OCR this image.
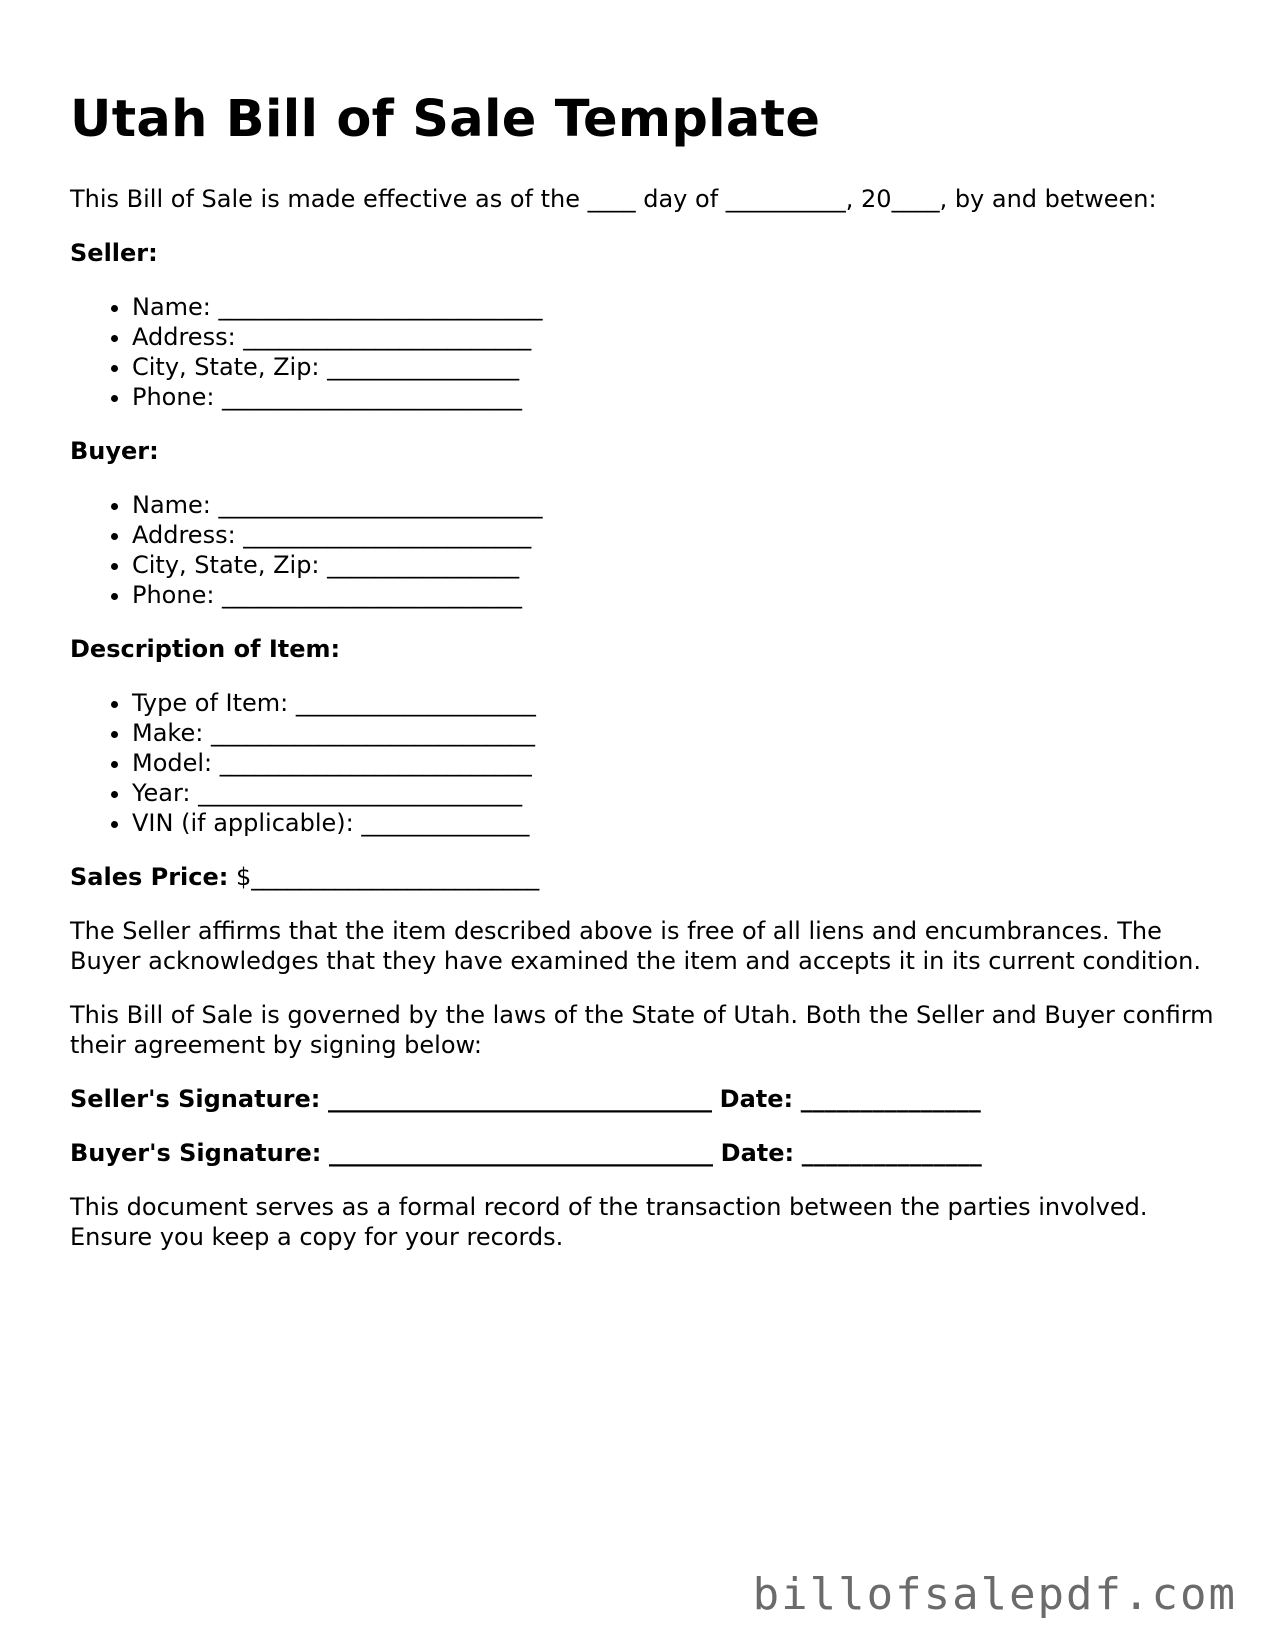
Utah Bill of Sale Template

This Bill of Sale is made effective as of the ____ day of __________, 20____, by and between:

Seller:
• Name: ___________________________
• Address: ________________________
• City, State, Zip: ________________
• Phone: _________________________
Buyer:
• Name: ___________________________
• Address: ________________________
• City, State, Zip: ________________
• Phone: _________________________
Description of Item:
• Type of Item: ____________________
• Make: ___________________________
• Model: __________________________
• Year: ___________________________
• VIN (if applicable): ______________

Sales Price: $________________________

The Seller affirms that the item described above is free of all liens and encumbrances. The Buyer acknowledges that they have examined the item and accepts it in its current condition.

This Bill of Sale is governed by the laws of the State of Utah. Both the Seller and Buyer confirm their agreement by signing below:

Seller's Signature: ________________________________ Date: _______________
Buyer's Signature: ________________________________ Date: _______________

This document serves as a formal record of the transaction between the parties involved. Ensure you keep a copy for your records.

billofsalepdf.com
